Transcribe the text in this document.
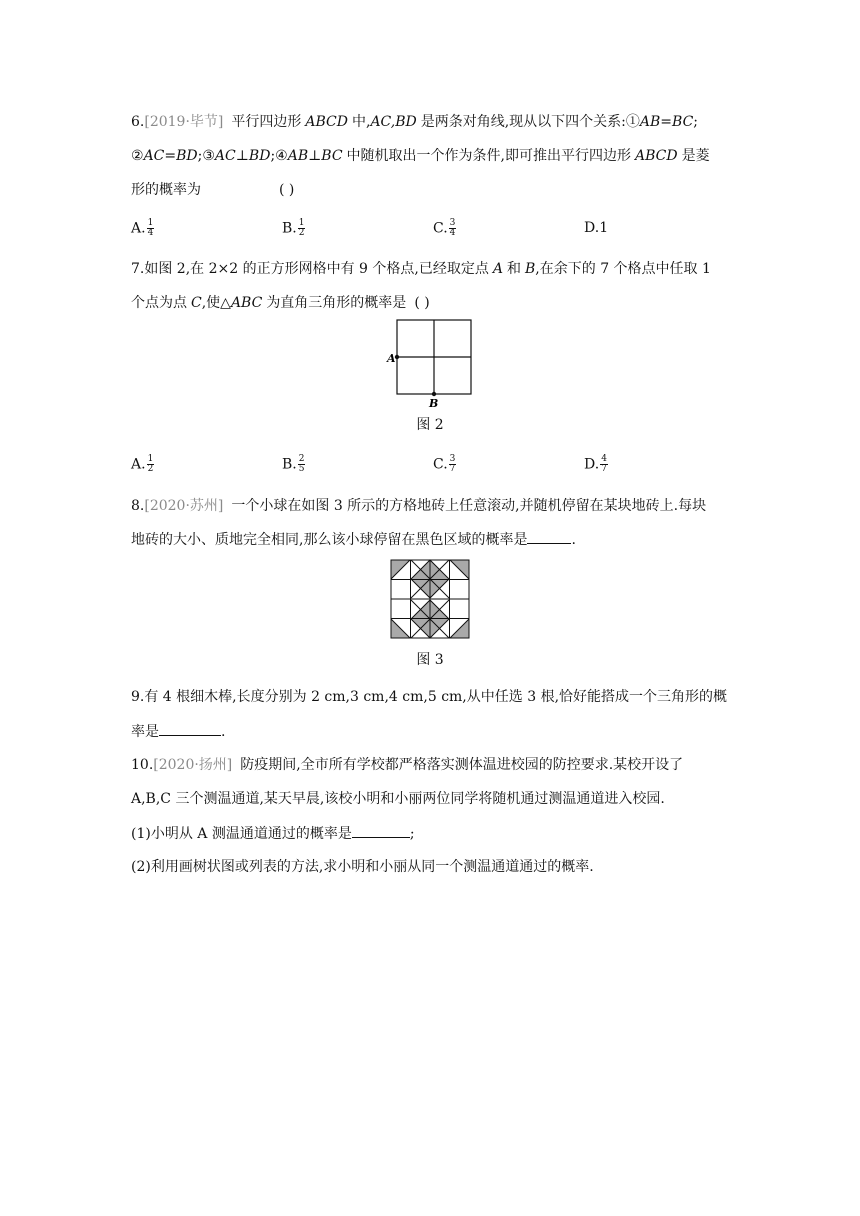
6.[2019·毕节] 平行四边形 ABCD 中,AC,BD 是两条对角线,现从以下四个关系:①AB=BC;
②AC=BD;③AC⊥BD;④AB⊥BC 中随机取出一个作为条件,即可推出平行四边形 ABCD 是菱
形的概率为	( )
A. $\frac{1}{4}$	B. $\frac{1}{2}$	C. $\frac{3}{4}$	D.1
7.如图 2,在 2×2 的正方形网格中有 9 个格点,已经取定点 A 和 B,在余下的 7 个格点中任取 1
个点为点 C,使△ABC 为直角三角形的概率是 ( )
A
B
图 2
A. $\frac{1}{2}$	B. $\frac{2}{5}$	C. $\frac{3}{7}$	D. $\frac{4}{7}$
8.[2020·苏州] 一个小球在如图 3 所示的方格地砖上任意滚动,并随机停留在某块地砖上.每块
地砖的大小、质地完全相同,那么该小球停留在黑色区域的概率是	.
图 3
9.有 4 根细木棒,长度分别为 2 cm,3 cm,4 cm,5 cm,从中任选 3 根,恰好能搭成一个三角形的概
率是	.
10.[2020·扬州] 防疫期间,全市所有学校都严格落实测体温进校园的防控要求.某校开设了
A,B,C 三个测温通道,某天早晨,该校小明和小丽两位同学将随机通过测温通道进入校园.
(1)小明从 A 测温通道通过的概率是	;
(2)利用画树状图或列表的方法,求小明和小丽从同一个测温通道通过的概率.
